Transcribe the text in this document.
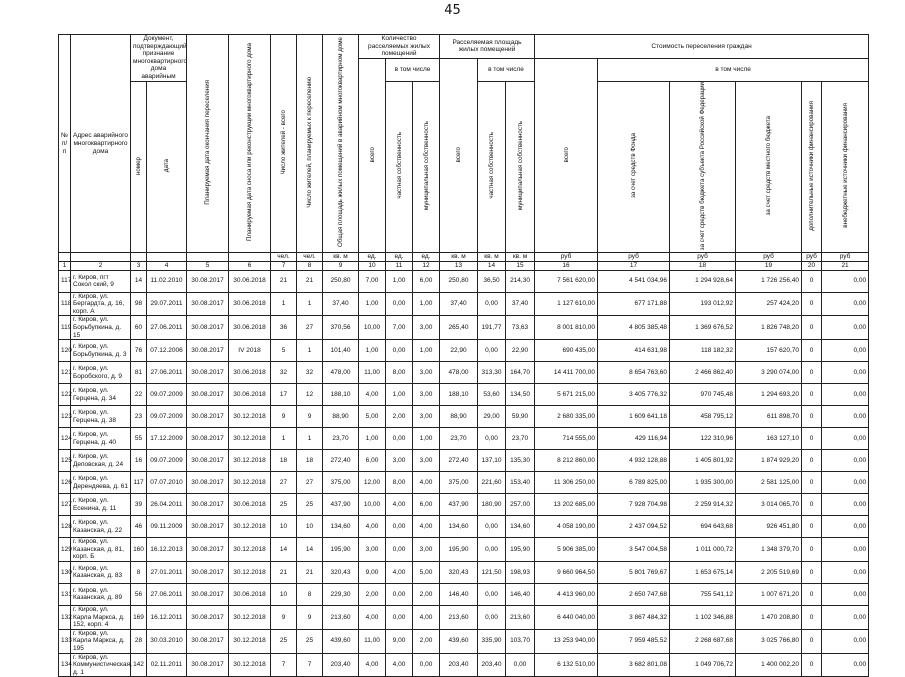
45
№ п/п	Адрес аварийного многоквартирного дома	Документ, подтверждающий признание многоквартирного дома аварийным		Планируемая дата окончания переселения	Планируемая дата сноса или реконструкции многоквартирного дома	Число жителей - всего	Число жителей, планируемых к переселению	Общая площадь жилых помещений в аварийном многоквартирном доме	Количество расселяемых жилых помещений			Расселяемая площадь жилых помещений			Стоимость переселения граждан					
									всего	в том числе		всего	в том числе		всего	в том числе				
		номер	дата							частная собственность	муниципальная собственность		частная собственность	муниципальная собственность		за счет средств Фонда	за счет средств бюджета субъекта Российской Федерации	за счет средств местного бюджета	дополнительные источники финансирования	внебюджетные источники финансирования
						чел.	чел.	кв. м	ед.	ед.	ед.	кв. м	кв. м	кв. м	руб	руб	руб	руб	руб	руб
1	2	3	4	5	6	7	8	9	10	11	12	13	14	15	16	17	18	19	20	21
117	г. Киров, пгт Сокол ский, 9	14	11.02.2010	30.08.2017	30.06.2018	21	21	250,80	7,00	1,00	6,00	250,80	36,50	214,30	7 561 620,00	4 541 034,96	1 294 928,64	1 726 256,40	0	0,00
118	г. Киров, ул. Бергардта, д. 16, корп. А	98	29.07.2011	30.08.2017	30.06.2018	1	1	37,40	1,00	0,00	1,00	37,40	0,00	37,40	1 127 610,00	677 171,88	193 012,92	257 424,20	0	0,00
119	г. Киров, ул. Борьбупкина, д. 15	60	27.06.2011	30.08.2017	30.06.2018	36	27	370,56	10,00	7,00	3,00	265,40	191,77	73,63	8 001 810,00	4 805 385,48	1 369 676,52	1 826 748,20	0	0,00
120	г. Киров, ул. Борьбупкина, д. 3	76	07.12.2006	30.08.2017	IV 2018	5	1	101,40	1,00	0,00	1,00	22,90	0,00	22,90	690 435,00	414 631,98	118 182,32	157 620,70	0	0,00
121	г. Киров, ул. Боробского, д. 9	81	27.06.2011	30.08.2017	30.06.2018	32	32	478,00	11,00	8,00	3,00	478,00	313,30	164,70	14 411 700,00	8 654 763,60	2 466 862,40	3 290 074,00	0	0,00
122	г. Киров, ул. Герцена, д. 34	22	09.07.2009	30.08.2017	30.06.2018	17	12	188,10	4,00	1,00	3,00	188,10	53,60	134,50	5 671 215,00	3 405 776,32	970 745,48	1 294 693,20	0	0,00
123	г. Киров, ул. Герцена, д. 38	23	09.07.2009	30.08.2017	30.12.2018	9	9	88,90	5,00	2,00	3,00	88,90	29,00	59,90	2 680 335,00	1 609 641,18	458 795,12	611 898,70	0	0,00
124	г. Киров, ул. Герцена, д. 40	55	17.12.2009	30.08.2017	30.12.2018	1	1	23,70	1,00	0,00	1,00	23,70	0,00	23,70	714 555,00	429 116,94	122 310,96	163 127,10	0	0,00
125	г. Киров, ул. Деповская, д. 24	16	09.07.2009	30.08.2017	30.12.2018	18	18	272,40	6,00	3,00	3,00	272,40	137,10	135,30	8 212 860,00	4 932 128,88	1 405 801,92	1 874 929,20	0	0,00
126	г. Киров, ул. Дерендяева, д. 61	117	07.07.2010	30.08.2017	30.12.2018	27	27	375,00	12,00	8,00	4,00	375,00	221,60	153,40	11 306 250,00	6 789 825,00	1 935 300,00	2 581 125,00	0	0,00
127	г. Киров, ул. Есенина, д. 11	39	26.04.2011	30.08.2017	30.06.2018	25	25	437,90	10,00	4,00	6,00	437,90	180,90	257,00	13 202 685,00	7 928 704,98	2 259 914,32	3 014 065,70	0	0,00
128	г. Киров, ул. Казанская, д. 22	46	09.11.2009	30.08.2017	30.12.2018	10	10	134,60	4,00	0,00	4,00	134,60	0,00	134,60	4 058 190,00	2 437 094,52	694 643,68	926 451,80	0	0,00
129	г. Киров, ул. Казанская, д. 81, корп. Б	160	16.12.2013	30.08.2017	30.12.2018	14	14	195,90	3,00	0,00	3,00	195,90	0,00	195,90	5 906 385,00	3 547 004,58	1 011 000,72	1 348 379,70	0	0,00
130	г. Киров, ул. Казанская, д. 83	8	27.01.2011	30.08.2017	30.12.2018	21	21	320,43	9,00	4,00	5,00	320,43	121,50	198,93	9 660 964,50	5 801 769,67	1 653 675,14	2 205 519,69	0	0,00
131	г. Киров, ул. Казанская, д. 89	56	27.06.2011	30.08.2017	30.06.2018	10	8	229,30	2,00	0,00	2,00	146,40	0,00	146,40	4 413 960,00	2 650 747,68	755 541,12	1 007 671,20	0	0,00
132	г. Киров, ул. Карла Маркса, д. 152, корп. 4	169	16.12.2011	30.08.2017	30.12.2018	9	9	213,60	4,00	0,00	4,00	213,60	0,00	213,60	6 440 040,00	3 867 484,32	1 102 346,88	1 470 208,80	0	0,00
133	г. Киров, ул. Карла Маркса, д. 195	28	30.03.2010	30.08.2017	30.12.2018	25	25	439,60	11,00	9,00	2,00	439,60	335,90	103,70	13 253 940,00	7 959 485,52	2 268 687,68	3 025 766,80	0	0,00
134	г. Киров, ул. Коммунистическая, д. 1	142	02.11.2011	30.08.2017	30.12.2018	7	7	203,40	4,00	4,00	0,00	203,40	203,40	0,00	6 132 510,00	3 682 801,08	1 049 706,72	1 400 002,20	0	0,00
